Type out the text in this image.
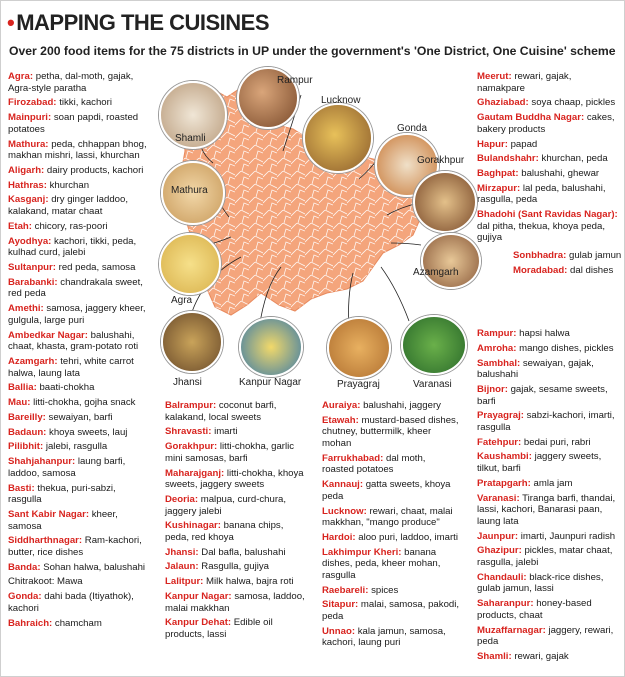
•MAPPING THE CUISINES
Over 200 food items for the 75 districts in UP under the government's 'One District, One Cuisine' scheme
Agra: petha, dal-moth, gajak, Agra-style paratha
Firozabad: tikki, kachori
Mainpuri: soan papdi, roasted potatoes
Mathura: peda, chhappan bhog, makhan mishri, lassi, khurchan
Aligarh: dairy products, kachori
Hathras: khurchan
Kasganj: dry ginger laddoo, kalakand, matar chaat
Etah: chicory, ras-poori
Ayodhya: kachori, tikki, peda, kulhad curd, jalebi
Sultanpur: red peda, samosa
Barabanki: chandrakala sweet, red peda
Amethi: samosa, jaggery kheer, gulgula, large puri
Ambedkar Nagar: balushahi, chaat, khasta, gram-potato roti
Azamgarh: tehri, white carrot halwa, laung lata
Ballia: baati-chokha
Mau: litti-chokha, gojha snack
Bareilly: sewaiyan, barfi
Badaun: khoya sweets, lauj
Pilibhit: jalebi, rasgulla
Shahjahanpur: laung barfi, laddoo, samosa
Basti: thekua, puri-sabzi, rasgulla
Sant Kabir Nagar: kheer, samosa
Siddharthnagar: Ram-kachori, butter, rice dishes
Banda: Sohan halwa, balushahi
Chitrakoot: Mawa
Gonda: dahi bada (Itiyathok), kachori
Bahraich: chamcham
Balrampur: coconut barfi, kalakand, local sweets
Shravasti: imarti
Gorakhpur: litti-chokha, garlic mini samosas, barfi
Maharajganj: litti-chokha, khoya sweets, jaggery sweets
Deoria: malpua, curd-chura, jaggery jalebi
Kushinagar: banana chips, peda, red khoya
Jhansi: Dal bafla, balushahi
Jalaun: Rasgulla, gujiya
Lalitpur: Milk halwa, bajra roti
Kanpur Nagar: samosa, laddoo, malai makkhan
Kanpur Dehat: Edible oil products, lassi
Auraiya: balushahi, jaggery
Etawah: mustard-based dishes, chutney, buttermilk, kheer mohan
Farrukhabad: dal moth, roasted potatoes
Kannauj: gatta sweets, khoya peda
Lucknow: rewari, chaat, malai makkhan, "mango produce"
Hardoi: aloo puri, laddoo, imarti
Lakhimpur Kheri: banana dishes, peda, kheer mohan, rasgulla
Raebareli: spices
Sitapur: malai, samosa, pakodi, peda
Unnao: kala jamun, samosa, kachori, laung puri
Meerut: rewari, gajak, namakpare
Ghaziabad: soya chaap, pickles
Gautam Buddha Nagar: cakes, bakery products
Hapur: papad
Bulandshahr: khurchan, peda
Baghpat: balushahi, ghewar
Mirzapur: lal peda, balushahi, rasgulla, peda
Bhadohi (Sant Ravidas Nagar): dal pitha, thekua, khoya peda, gujiya
Sonbhadra: gulab jamun
Moradabad: dal dishes
Rampur: hapsi halwa
Amroha: mango dishes, pickles
Sambhal: sewaiyan, gajak, balushahi
Bijnor: gajak, sesame sweets, barfi
Prayagraj: sabzi-kachori, imarti, rasgulla
Fatehpur: bedai puri, rabri
Kaushambi: jaggery sweets, tilkut, barfi
Pratapgarh: amla jam
Varanasi: Tiranga barfi, thandai, lassi, kachori, Banarasi paan, laung lata
Jaunpur: imarti, Jaunpuri radish
Ghazipur: pickles, matar chaat, rasgulla, jalebi
Chandauli: black-rice dishes, gulab jamun, lassi
Saharanpur: honey-based products, chaat
Muzaffarnagar: jaggery, rewari, peda
Shamli: rewari, gajak
Rampur
Lucknow
Gonda
Shamli
Gorakhpur
Mathura
Azamgarh
Agra
Jhansi	Kanpur Nagar	Prayagraj	Varanasi
